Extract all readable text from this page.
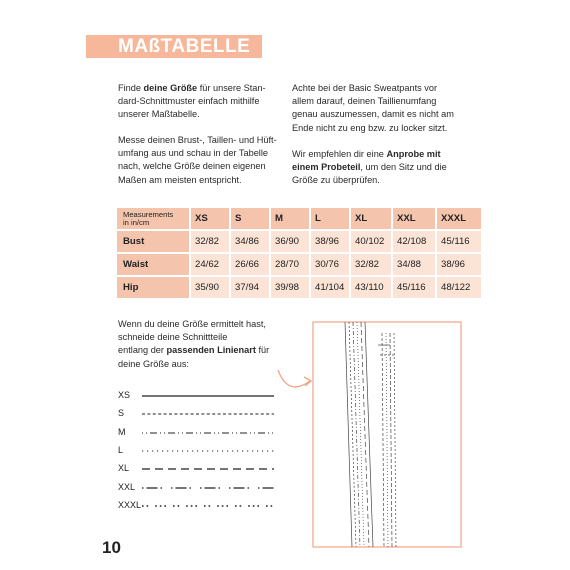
MAßTABELLE
Finde deine Größe für unsere Stan-
dard-Schnittmuster einfach mithilfe
unserer Maßtabelle.
Messe deinen Brust-, Taillen- und Hüft-
umfang aus und schau in der Tabelle
nach, welche Größe deinen eigenen
Maßen am meisten entspricht.
Achte bei der Basic Sweatpants vor
allem darauf, deinen Taillienumfang
genau auszumessen, damit es nicht am
Ende nicht zu eng bzw. zu locker sitzt.
Wir empfehlen dir eine Anprobe mit
einem Probeteil, um den Sitz und die
Größe zu überprüfen.
Measurements
in in/cm	XS	S	M	L	XL	XXL	XXXL
Bust	32/82	34/86	36/90	38/96	40/102	42/108	45/116
Waist	24/62	26/66	28/70	30/76	32/82	34/88	38/96
Hip	35/90	37/94	39/98	41/104	43/110	45/116	48/122
Wenn du deine Größe ermittelt hast,
schneide deine Schnittteile
entlang der passenden Linienart für
deine Größe aus:
XS
S
M
L
XL
XXL
XXXL
10
